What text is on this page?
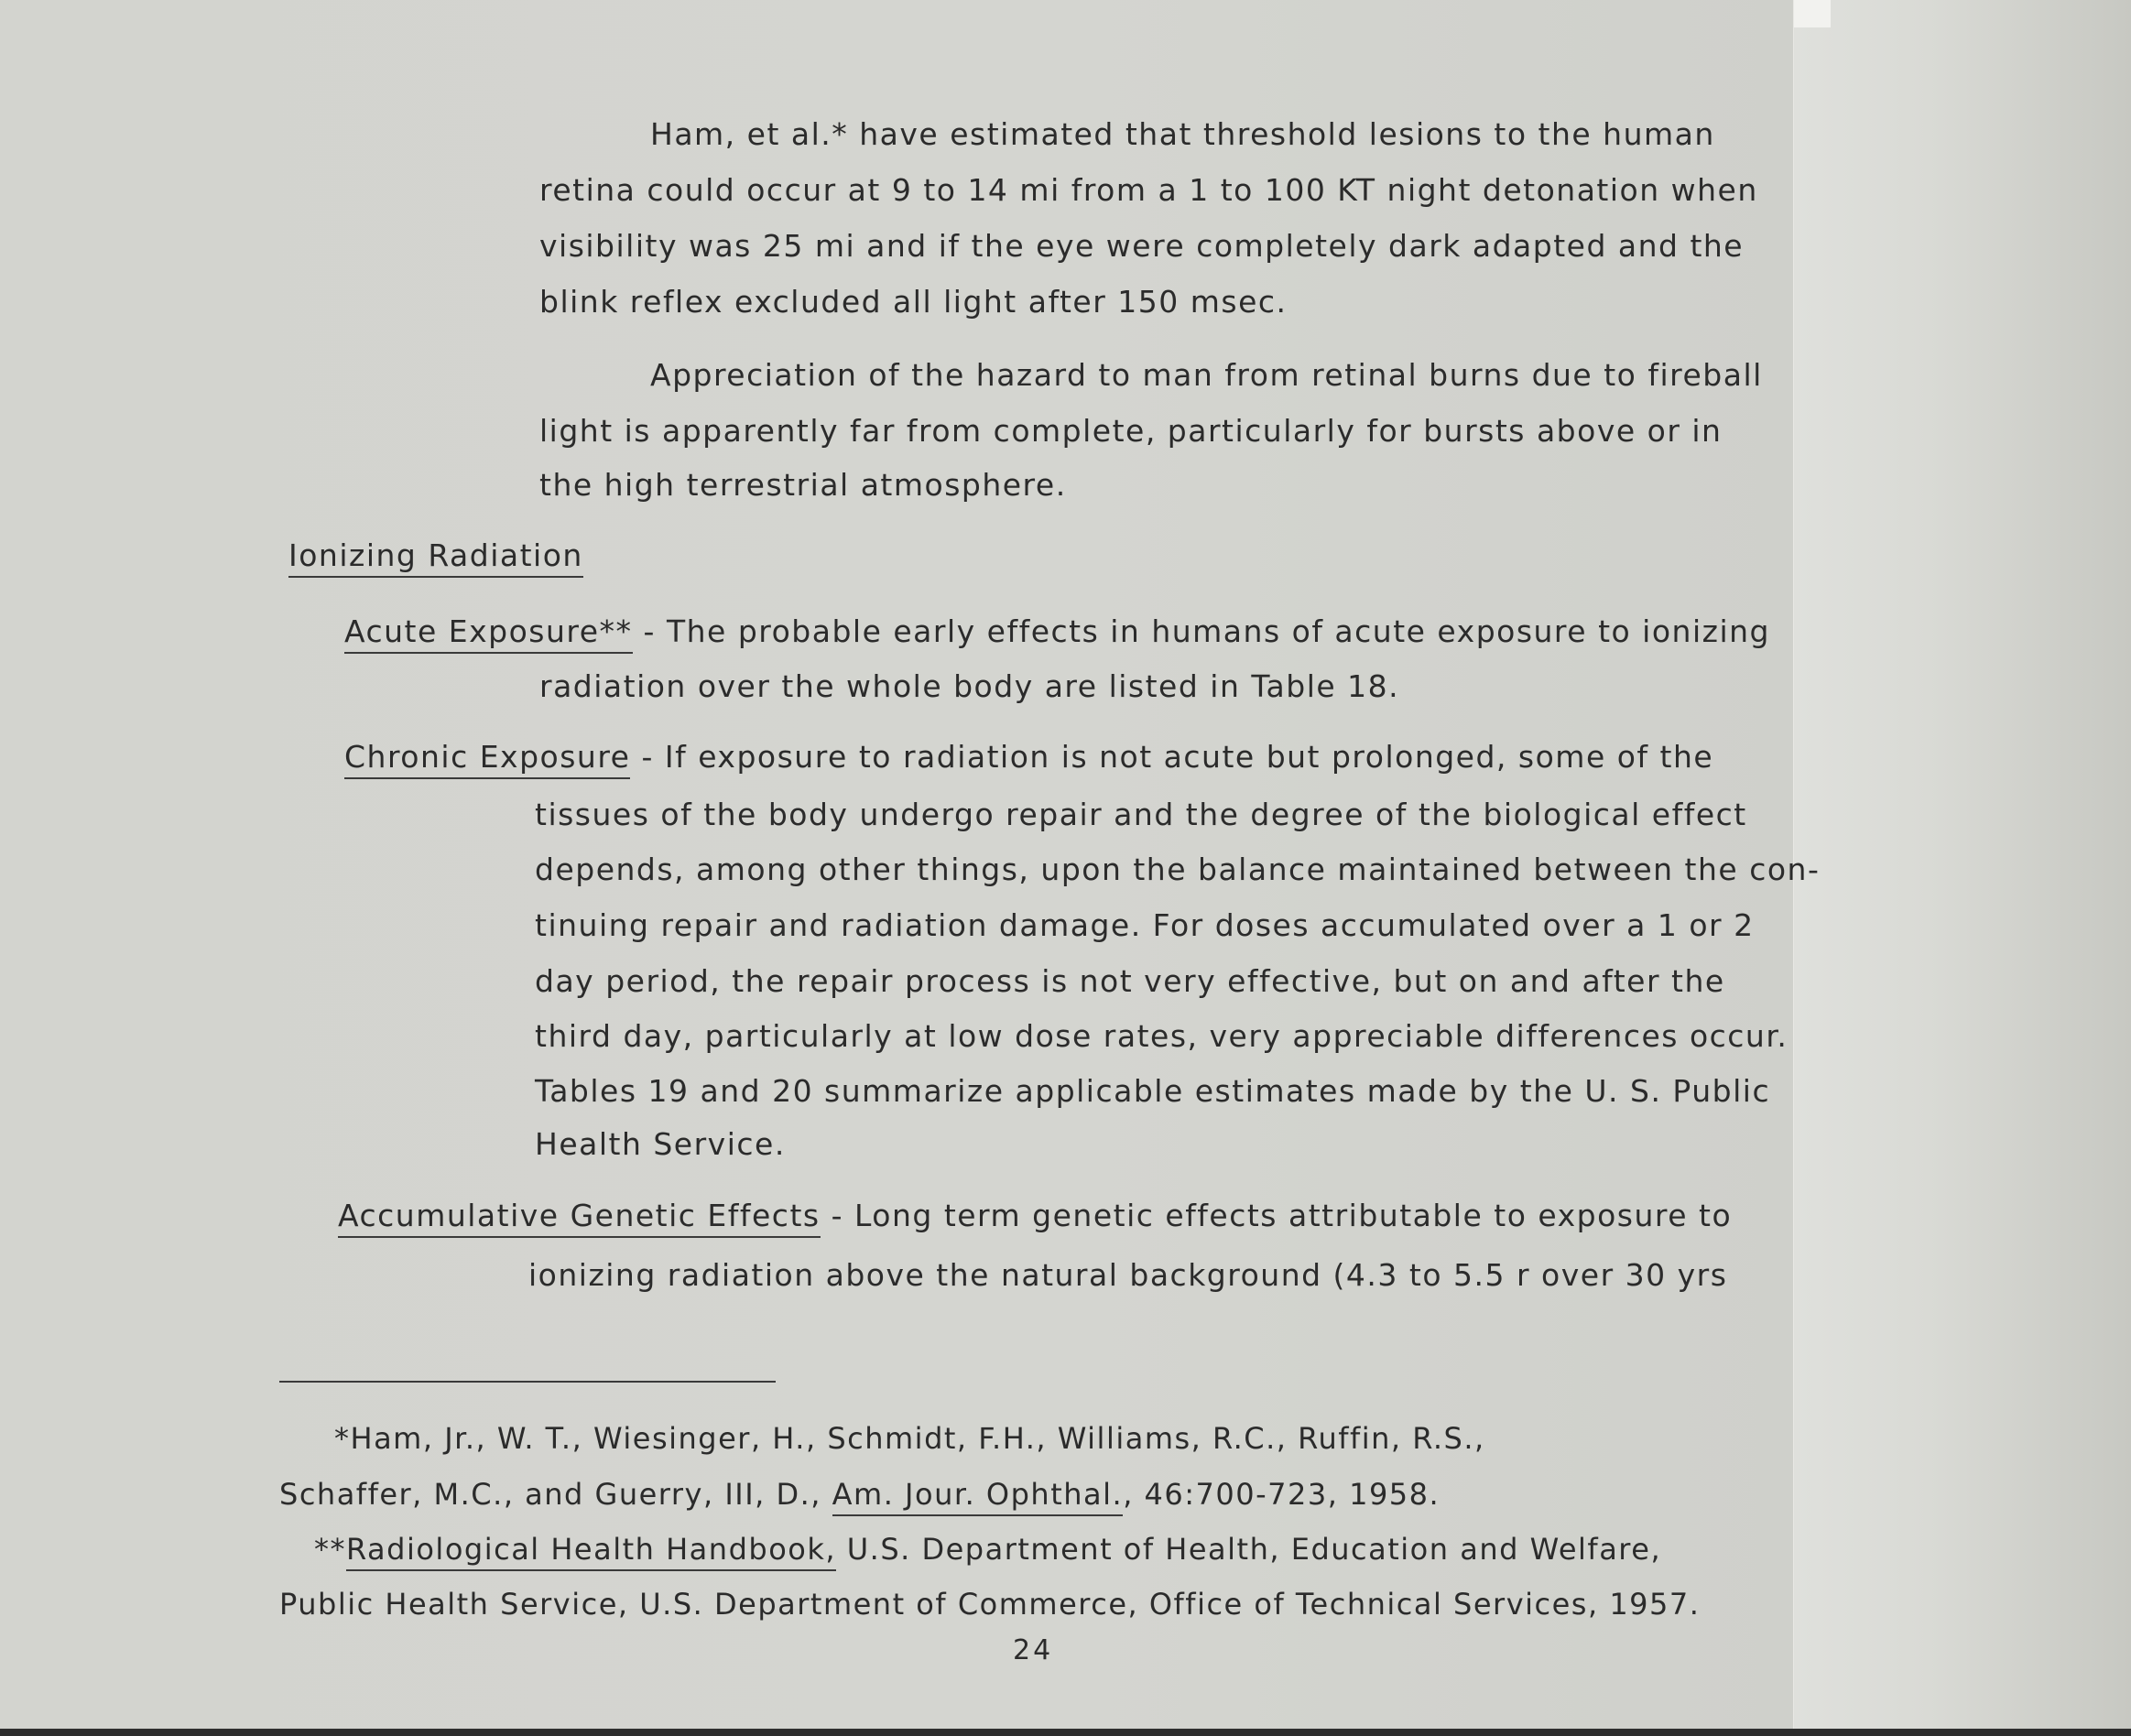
Ham, et al.* have estimated that threshold lesions to the human
retina could occur at 9 to 14 mi from a 1 to 100 KT night detonation when
visibility was 25 mi and if the eye were completely dark adapted and the
blink reflex excluded all light after 150 msec.
Appreciation of the hazard to man from retinal burns due to fireball
light is apparently far from complete, particularly for bursts above or in
the high terrestrial atmosphere.
Ionizing Radiation
Acute Exposure** - The probable early effects in humans of acute exposure to ionizing
radiation over the whole body are listed in Table 18.
Chronic Exposure - If exposure to radiation is not acute but prolonged, some of the
tissues of the body undergo repair and the degree of the biological effect
depends, among other things, upon the balance maintained between the con-
tinuing repair and radiation damage. For doses accumulated over a 1 or 2
day period, the repair process is not very effective, but on and after the
third day, particularly at low dose rates, very appreciable differences occur.
Tables 19 and 20 summarize applicable estimates made by the U. S. Public
Health Service.
Accumulative Genetic Effects - Long term genetic effects attributable to exposure to
ionizing radiation above the natural background (4.3 to 5.5 r over 30 yrs
*Ham, Jr., W. T., Wiesinger, H., Schmidt, F.H., Williams, R.C., Ruffin, R.S.,
Schaffer, M.C., and Guerry, III, D., Am. Jour. Ophthal., 46:700-723, 1958.
**Radiological Health Handbook, U.S. Department of Health, Education and Welfare,
Public Health Service, U.S. Department of Commerce, Office of Technical Services, 1957.
24
